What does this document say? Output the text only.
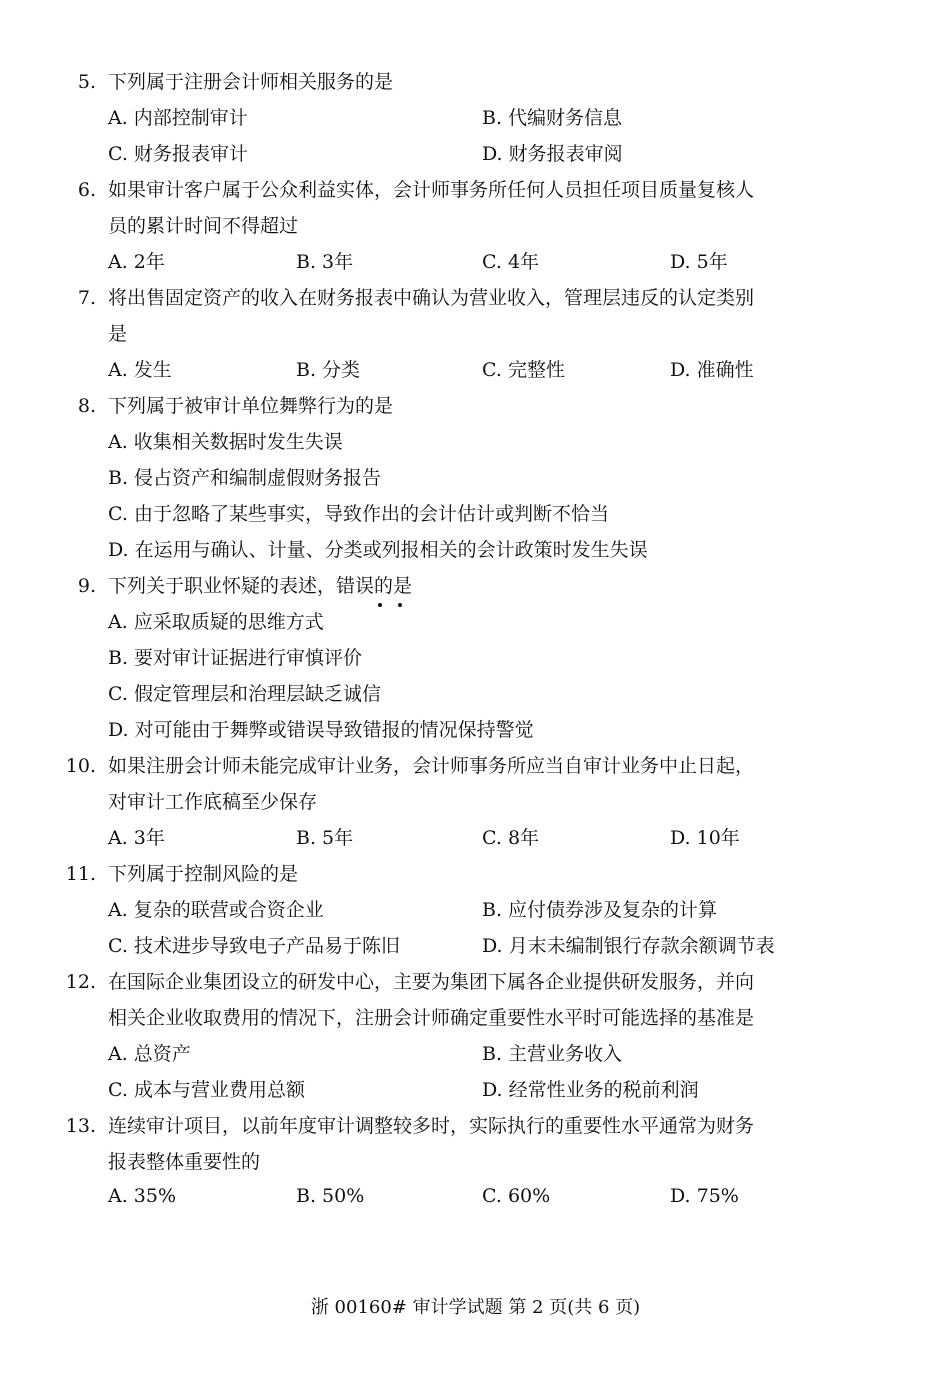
5. 下列属于注册会计师相关服务的是
A. 内部控制审计	B. 代编财务信息
C. 财务报表审计	D. 财务报表审阅
6. 如果审计客户属于公众利益实体，会计师事务所任何人员担任项目质量复核人
员的累计时间不得超过
A. 2年	B. 3年	C. 4年	D. 5年
7. 将出售固定资产的收入在财务报表中确认为营业收入，管理层违反的认定类别
是
A. 发生	B. 分类	C. 完整性	D. 准确性
8. 下列属于被审计单位舞弊行为的是
A. 收集相关数据时发生失误
B. 侵占资产和编制虚假财务报告
C. 由于忽略了某些事实，导致作出的会计估计或判断不恰当
D. 在运用与确认、计量、分类或列报相关的会计政策时发生失误
9. 下列关于职业怀疑的表述，错误的是
A. 应采取质疑的思维方式
B. 要对审计证据进行审慎评价
C. 假定管理层和治理层缺乏诚信
D. 对可能由于舞弊或错误导致错报的情况保持警觉
10. 如果注册会计师未能完成审计业务，会计师事务所应当自审计业务中止日起，
对审计工作底稿至少保存
A. 3年	B. 5年	C. 8年	D. 10年
11. 下列属于控制风险的是
A. 复杂的联营或合资企业	B. 应付债券涉及复杂的计算
C. 技术进步导致电子产品易于陈旧	D. 月末未编制银行存款余额调节表
12. 在国际企业集团设立的研发中心，主要为集团下属各企业提供研发服务，并向
相关企业收取费用的情况下，注册会计师确定重要性水平时可能选择的基准是
A. 总资产	B. 主营业务收入
C. 成本与营业费用总额	D. 经常性业务的税前利润
13. 连续审计项目，以前年度审计调整较多时，实际执行的重要性水平通常为财务
报表整体重要性的
A. 35%	B. 50%	C. 60%	D. 75%
浙 00160# 审计学试题 第 2 页(共 6 页)
